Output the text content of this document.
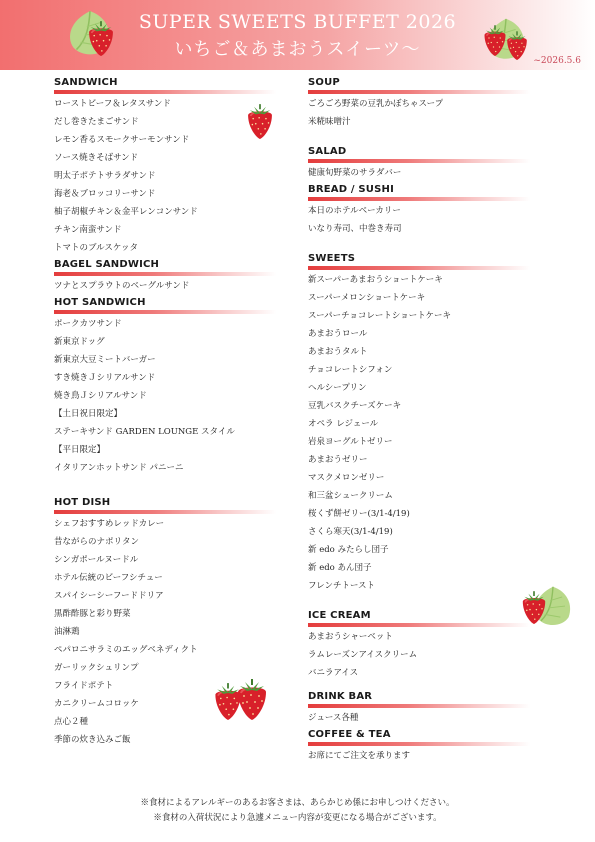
SUPER SWEETS BUFFET 2026
いちご＆あまおうスイーツ〜
~2026.5.6
SANDWICH
ローストビーフ＆レタスサンド
だし巻きたまごサンド
レモン香るスモークサーモンサンド
ソース焼きそばサンド
明太子ポテトサラダサンド
海老＆ブロッコリーサンド
柚子胡椒チキン＆金平レンコンサンド
チキン南蛮サンド
トマトのブルスケッタ
BAGEL SANDWICH
ツナとスプラウトのベーグルサンド
HOT SANDWICH
ポークカツサンド
新東京ドッグ
新東京大豆ミートバーガー
すき焼きＪシリアルサンド
焼き鳥Ｊシリアルサンド
【土日祝日限定】
ステーキサンド GARDEN LOUNGE スタイル
【平日限定】
イタリアンホットサンド パニーニ
HOT DISH
シェフおすすめレッドカレー
昔ながらのナポリタン
シンガポールヌードル
ホテル伝統のビーフシチュー
スパイシーシーフードドリア
黒酢酢豚と彩り野菜
油淋鶏
ペパロニサラミのエッグベネディクト
ガーリックシュリンプ
フライドポテト
カニクリームコロッケ
点心２種
季節の炊き込みご飯
SOUP
ごろごろ野菜の豆乳かぼちゃスープ
米糀味噌汁
SALAD
健康旬野菜のサラダバー
BREAD / SUSHI
本日のホテルベーカリー
いなり寿司、中巻き寿司
SWEETS
新スーパーあまおうショートケーキ
スーパーメロンショートケーキ
スーパーチョコレートショートケーキ
あまおうロール
あまおうタルト
チョコレートシフォン
ヘルシープリン
豆乳バスクチーズケーキ
オペラ レジェール
岩泉ヨーグルトゼリー
あまおうゼリー
マスクメロンゼリー
和三盆シュークリーム
桜くず餅ゼリー(3/1-4/19)
さくら寒天(3/1-4/19)
新 edo みたらし団子
新 edo あん団子
フレンチトースト
ICE CREAM
あまおうシャーベット
ラムレーズンアイスクリーム
バニラアイス
DRINK BAR
ジュース各種
COFFEE & TEA
お席にてご注文を承ります
※食材によるアレルギーのあるお客さまは、あらかじめ係にお申しつけください。
※食材の入荷状況により急遽メニュー内容が変更になる場合がございます。
